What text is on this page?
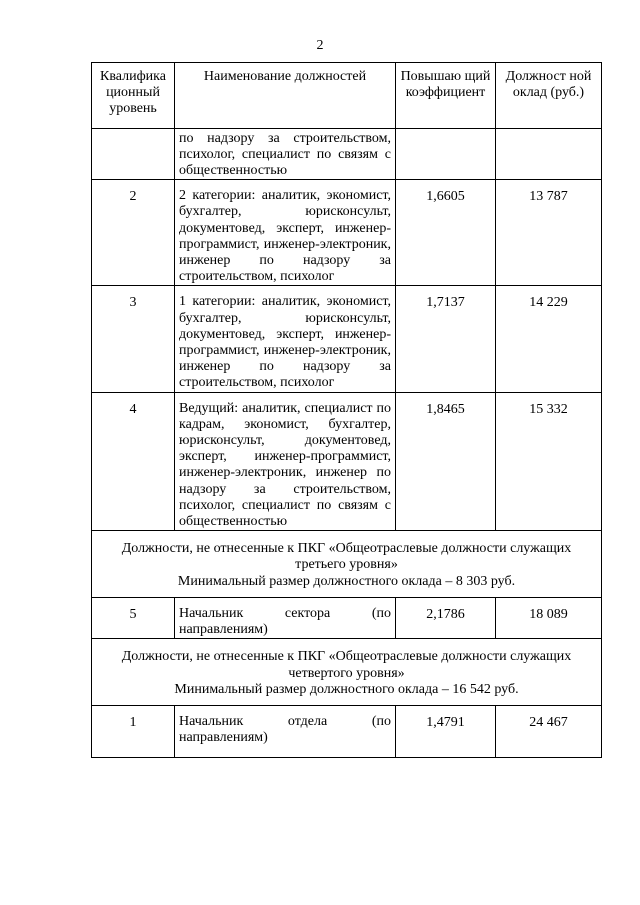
2
Квалифика ционный уровень	Наименование должностей	Повышаю щий коэффициент	Должност ной оклад (руб.)
	по надзору за строительством, психолог, специалист по связям с общественностью		
2	2 категории: аналитик, экономист, бухгалтер, юрисконсульт, документовед, эксперт, инженер-программист, инженер-электроник, инженер по надзору за строительством, психолог	1,6605	13 787
3	1 категории: аналитик, экономист, бухгалтер, юрисконсульт, документовед, эксперт, инженер-программист, инженер-электроник, инженер по надзору за строительством, психолог	1,7137	14 229
4	Ведущий: аналитик, специалист по кадрам, экономист, бухгалтер, юрисконсульт, документовед, эксперт, инженер-программист, инженер-электроник, инженер по надзору за строительством, психолог, специалист по связям с общественностью	1,8465	15 332

Должности, не отнесенные к ПКГ «Общеотраслевые должности служащих третьего уровня»
Минимальный размер должностного оклада – 8 303 руб.			

5	Начальник сектора (по направлениям)	2,1786	18 089

Должности, не отнесенные к ПКГ «Общеотраслевые должности служащих четвертого уровня»
Минимальный размер должностного оклада – 16 542 руб.			

1	Начальник отдела (по направлениям)	1,4791	24 467
